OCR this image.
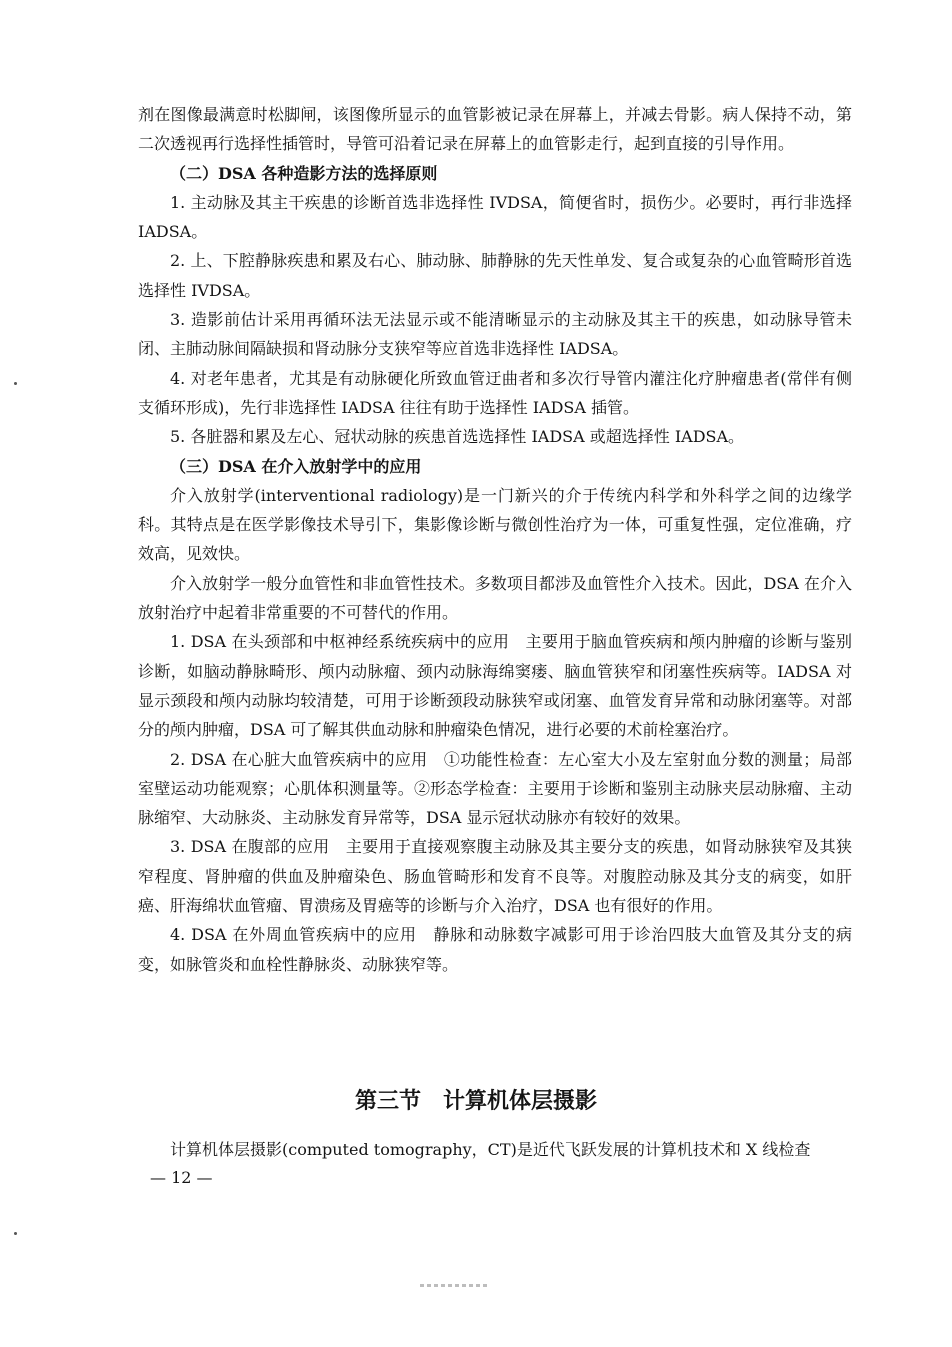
剂在图像最满意时松脚闸，该图像所显示的血管影被记录在屏幕上，并减去骨影。病人保持不动，第二次透视再行选择性插管时，导管可沿着记录在屏幕上的血管影走行，起到直接的引导作用。

（二）DSA 各种造影方法的选择原则

1. 主动脉及其主干疾患的诊断首选非选择性 IVDSA，简便省时，损伤少。必要时，再行非选择 IADSA。

2. 上、下腔静脉疾患和累及右心、肺动脉、肺静脉的先天性单发、复合或复杂的心血管畸形首选选择性 IVDSA。

3. 造影前估计采用再循环法无法显示或不能清晰显示的主动脉及其主干的疾患，如动脉导管未闭、主肺动脉间隔缺损和肾动脉分支狭窄等应首选非选择性 IADSA。

4. 对老年患者，尤其是有动脉硬化所致血管迂曲者和多次行导管内灌注化疗肿瘤患者(常伴有侧支循环形成)，先行非选择性 IADSA 往往有助于选择性 IADSA 插管。

5. 各脏器和累及左心、冠状动脉的疾患首选选择性 IADSA 或超选择性 IADSA。

（三）DSA 在介入放射学中的应用

介入放射学(interventional radiology)是一门新兴的介于传统内科学和外科学之间的边缘学科。其特点是在医学影像技术导引下，集影像诊断与微创性治疗为一体，可重复性强，定位准确，疗效高，见效快。

介入放射学一般分血管性和非血管性技术。多数项目都涉及血管性介入技术。因此，DSA 在介入放射治疗中起着非常重要的不可替代的作用。

1. DSA 在头颈部和中枢神经系统疾病中的应用　主要用于脑血管疾病和颅内肿瘤的诊断与鉴别诊断，如脑动静脉畸形、颅内动脉瘤、颈内动脉海绵窦瘘、脑血管狭窄和闭塞性疾病等。IADSA 对显示颈段和颅内动脉均较清楚，可用于诊断颈段动脉狭窄或闭塞、血管发育异常和动脉闭塞等。对部分的颅内肿瘤，DSA 可了解其供血动脉和肿瘤染色情况，进行必要的术前栓塞治疗。

2. DSA 在心脏大血管疾病中的应用　①功能性检查：左心室大小及左室射血分数的测量；局部室壁运动功能观察；心肌体积测量等。②形态学检查：主要用于诊断和鉴别主动脉夹层动脉瘤、主动脉缩窄、大动脉炎、主动脉发育异常等，DSA 显示冠状动脉亦有较好的效果。

3. DSA 在腹部的应用　主要用于直接观察腹主动脉及其主要分支的疾患，如肾动脉狭窄及其狭窄程度、肾肿瘤的供血及肿瘤染色、肠血管畸形和发育不良等。对腹腔动脉及其分支的病变，如肝癌、肝海绵状血管瘤、胃溃疡及胃癌等的诊断与介入治疗，DSA 也有很好的作用。

4. DSA 在外周血管疾病中的应用　静脉和动脉数字减影可用于诊治四肢大血管及其分支的病变，如脉管炎和血栓性静脉炎、动脉狭窄等。

第三节　计算机体层摄影
计算机体层摄影(computed tomography，CT)是近代飞跃发展的计算机技术和 X 线检查
— 12 —
